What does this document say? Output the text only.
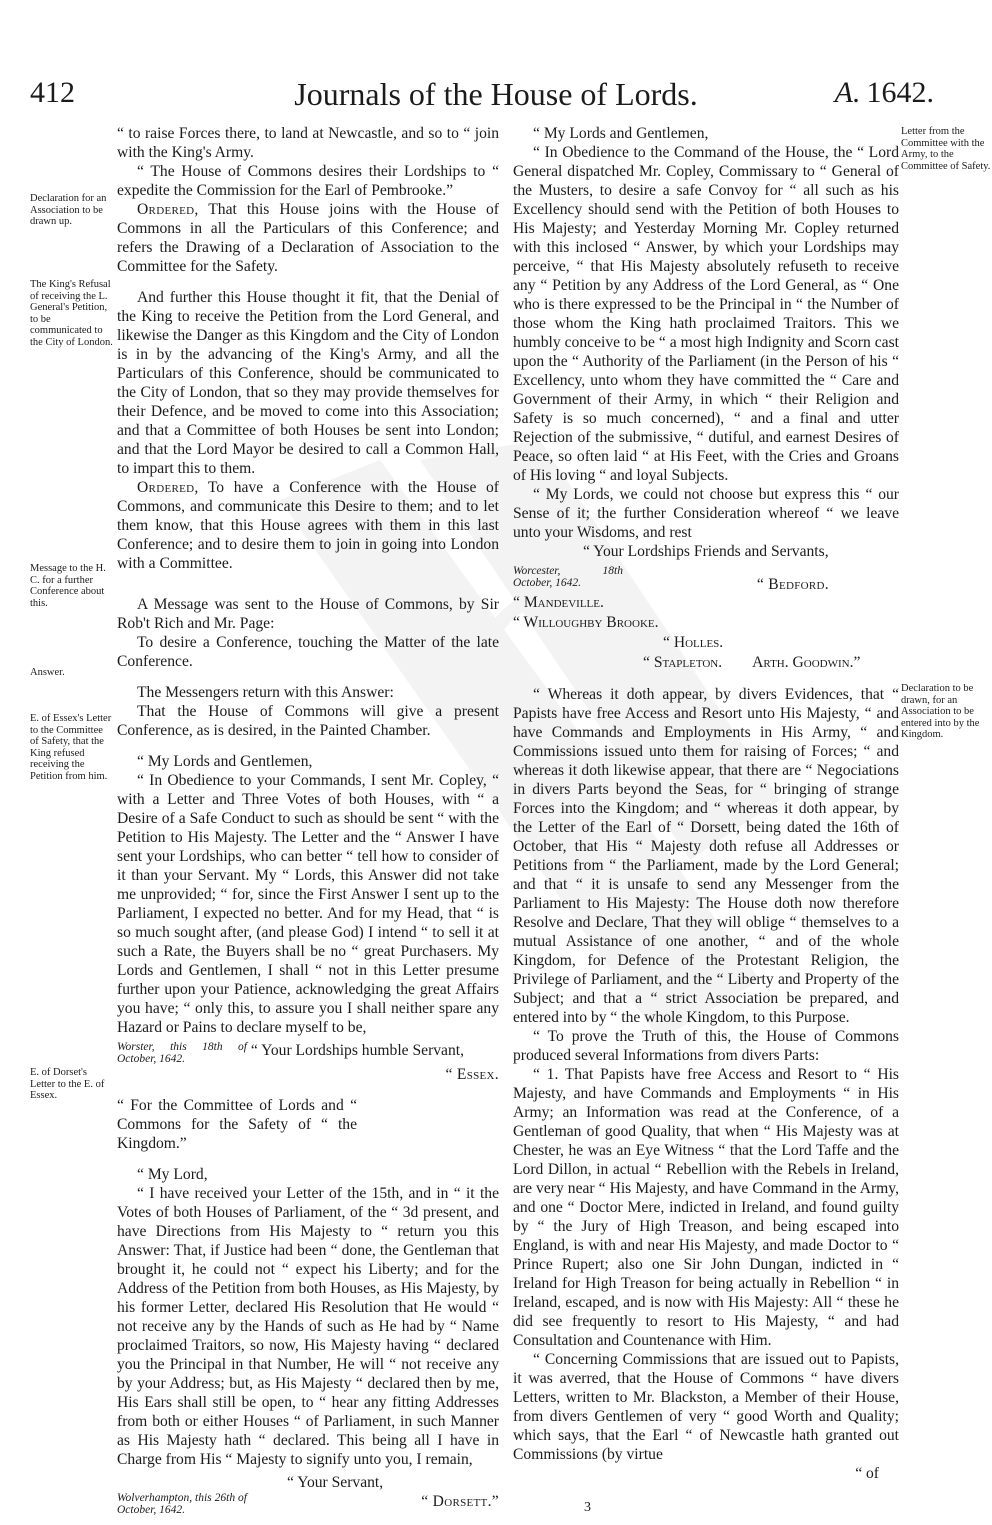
412	Journals of the House of Lords.	A. 1642.
Declaration for an Association to be drawn up.
The King's Refusal of receiving the L. General's Petition, to be communicated to the City of London.
Message to the H. C. for a further Conference about this.
Answer.
E. of Essex's Letter to the Committee of Safety, that the King refused receiving the Petition from him.
E. of Dorset's Letter to the E. of Essex.
Letter from the Committee with the Army, to the Committee of Safety.
Declaration to be drawn, for an Association to be entered into by the Kingdom.

“ to raise Forces there, to land at Newcastle, and so to “ join with the King's Army.

“ The House of Commons desires their Lordships to “ expedite the Commission for the Earl of Pembrooke.”

Ordered, That this House joins with the House of Commons in all the Particulars of this Conference; and refers the Drawing of a Declaration of Association to the Committee for the Safety.

And further this House thought it fit, that the Denial of the King to receive the Petition from the Lord General, and likewise the Danger as this Kingdom and the City of London is in by the advancing of the King's Army, and all the Particulars of this Conference, should be communicated to the City of London, that so they may provide themselves for their Defence, and be moved to come into this Association; and that a Committee of both Houses be sent into London; and that the Lord Mayor be desired to call a Common Hall, to impart this to them.

Ordered, To have a Conference with the House of Commons, and communicate this Desire to them; and to let them know, that this House agrees with them in this last Conference; and to desire them to join in going into London with a Committee.

A Message was sent to the House of Commons, by Sir Rob't Rich and Mr. Page:

To desire a Conference, touching the Matter of the late Conference.

The Messengers return with this Answer:

That the House of Commons will give a present Conference, as is desired, in the Painted Chamber.

“ My Lords and Gentlemen,

“ In Obedience to your Commands, I sent Mr. Copley, “ with a Letter and Three Votes of both Houses, with “ a Desire of a Safe Conduct to such as should be sent “ with the Petition to His Majesty. The Letter and the “ Answer I have sent your Lordships, who can better “ tell how to consider of it than your Servant. My “ Lords, this Answer did not take me unprovided; “ for, since the First Answer I sent up to the Parliament, I expected no better. And for my Head, that “ is so much sought after, (and please God) I intend “ to sell it at such a Rate, the Buyers shall be no “ great Purchasers. My Lords and Gentlemen, I shall “ not in this Letter presume further upon your Patience, acknowledging the great Affairs you have; “ only this, to assure you I shall neither spare any Hazard or Pains to declare myself to be,

Worster, this 18th of October, 1642.	“ Your Lordships humble Servant,

“ Essex.

“ For the Committee of Lords and “ Commons for the Safety of “ the Kingdom.”

“ My Lord,

“ I have received your Letter of the 15th, and in “ it the Votes of both Houses of Parliament, of the “ 3d present, and have Directions from His Majesty to “ return you this Answer: That, if Justice had been “ done, the Gentleman that brought it, he could not “ expect his Liberty; and for the Address of the Petition from both Houses, as His Majesty, by his former Letter, declared His Resolution that He would “ not receive any by the Hands of such as He had by “ Name proclaimed Traitors, so now, His Majesty having “ declared you the Principal in that Number, He will “ not receive any by your Address; but, as His Majesty “ declared then by me, His Ears shall still be open, to “ hear any fitting Addresses from both or either Houses “ of Parliament, in such Manner as His Majesty hath “ declared. This being all I have in Charge from His “ Majesty to signify unto you, I remain,

“ Your Servant,

Wolverhampton, this 26th of October, 1642.	“ Dorsett.”

“ My Lords and Gentlemen,

“ In Obedience to the Command of the House, the “ Lord General dispatched Mr. Copley, Commissary to “ General of the Musters, to desire a safe Convoy for “ all such as his Excellency should send with the Petition of both Houses to His Majesty; and Yesterday Morning Mr. Copley returned with this inclosed “ Answer, by which your Lordships may perceive, “ that His Majesty absolutely refuseth to receive any “ Petition by any Address of the Lord General, as “ One who is there expressed to be the Principal in “ the Number of those whom the King hath proclaimed Traitors. This we humbly conceive to be “ a most high Indignity and Scorn cast upon the “ Authority of the Parliament (in the Person of his “ Excellency, unto whom they have committed the “ Care and Government of their Army, in which “ their Religion and Safety is so much concerned), “ and a final and utter Rejection of the submissive, “ dutiful, and earnest Desires of Peace, so often laid “ at His Feet, with the Cries and Groans of His loving “ and loyal Subjects.

“ My Lords, we could not choose but express this “ our Sense of it; the further Consideration whereof “ we leave unto your Wisdoms, and rest

“ Your Lordships Friends and Servants,

Worcester, 18th October, 1642.	“ Bedford.

“ Mandeville.
“ Willoughby Brooke.
“ Holles.
“ Stapleton. Arth. Goodwin.”

“ Whereas it doth appear, by divers Evidences, that “ Papists have free Access and Resort unto His Majesty, “ and have Commands and Employments in His Army, “ and Commissions issued unto them for raising of Forces; “ and whereas it doth likewise appear, that there are “ Negociations in divers Parts beyond the Seas, for “ bringing of strange Forces into the Kingdom; and “ whereas it doth appear, by the Letter of the Earl of “ Dorsett, being dated the 16th of October, that His “ Majesty doth refuse all Addresses or Petitions from “ the Parliament, made by the Lord General; and that “ it is unsafe to send any Messenger from the Parliament to His Majesty: The House doth now therefore Resolve and Declare, That they will oblige “ themselves to a mutual Assistance of one another, “ and of the whole Kingdom, for Defence of the Protestant Religion, the Privilege of Parliament, and the “ Liberty and Property of the Subject; and that a “ strict Association be prepared, and entered into by “ the whole Kingdom, to this Purpose.

“ To prove the Truth of this, the House of Commons produced several Informations from divers Parts:

“ 1. That Papists have free Access and Resort to “ His Majesty, and have Commands and Employments “ in His Army; an Information was read at the Conference, of a Gentleman of good Quality, that when “ His Majesty was at Chester, he was an Eye Witness “ that the Lord Taffe and the Lord Dillon, in actual “ Rebellion with the Rebels in Ireland, are very near “ His Majesty, and have Command in the Army, and one “ Doctor Mere, indicted in Ireland, and found guilty by “ the Jury of High Treason, and being escaped into England, is with and near His Majesty, and made Doctor to “ Prince Rupert; also one Sir John Dungan, indicted in “ Ireland for High Treason for being actually in Rebellion “ in Ireland, escaped, and is now with His Majesty: All “ these he did see frequently to resort to His Majesty, “ and had Consultation and Countenance with Him.

“ Concerning Commissions that are issued out to Papists, it was averred, that the House of Commons “ have divers Letters, written to Mr. Blackston, a Member of their House, from divers Gentlemen of very “ good Worth and Quality; which says, that the Earl “ of Newcastle hath granted out Commissions (by virtue

“ of

3
